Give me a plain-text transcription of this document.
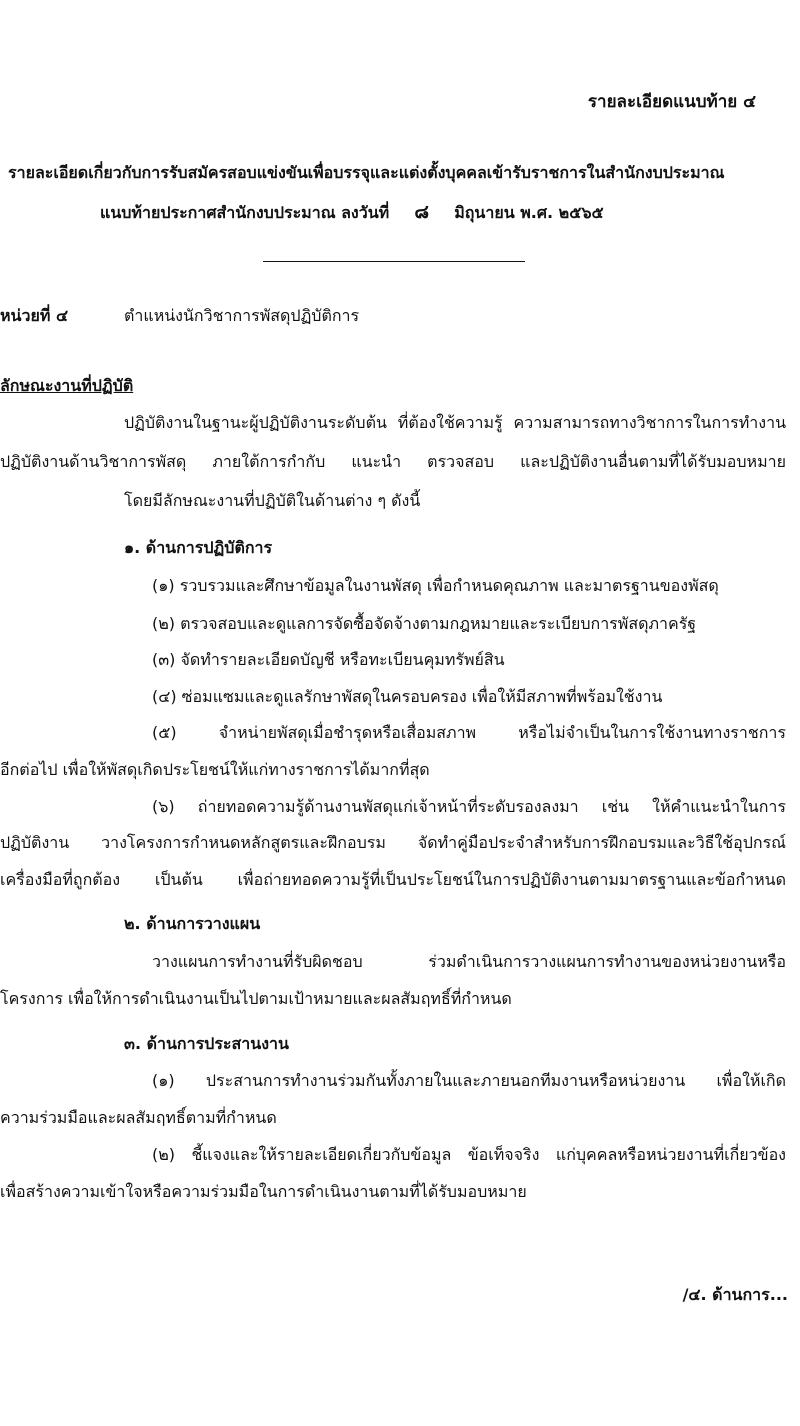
รายละเอียดแนบท้าย ๔
รายละเอียดเกี่ยวกับการรับสมัครสอบแข่งขันเพื่อบรรจุและแต่งตั้งบุคคลเข้ารับราชการในสำนักงบประมาณ
แนบท้ายประกาศสำนักงบประมาณ ลงวันที่ ๘ มิถุนายน พ.ศ. ๒๕๖๕
หน่วยที่ ๔	ตำแหน่งนักวิชาการพัสดุปฏิบัติการ
ลักษณะงานที่ปฏิบัติ
ปฏิบัติงานในฐานะผู้ปฏิบัติงานระดับต้น ที่ต้องใช้ความรู้ ความสามารถทางวิชาการในการทำงาน
ปฏิบัติงานด้านวิชาการพัสดุ ภายใต้การกำกับ แนะนำ ตรวจสอบ และปฏิบัติงานอื่นตามที่ได้รับมอบหมาย
โดยมีลักษณะงานที่ปฏิบัติในด้านต่าง ๆ ดังนี้
๑. ด้านการปฏิบัติการ
(๑) รวบรวมและศึกษาข้อมูลในงานพัสดุ เพื่อกำหนดคุณภาพ และมาตรฐานของพัสดุ
(๒) ตรวจสอบและดูแลการจัดซื้อจัดจ้างตามกฎหมายและระเบียบการพัสดุภาครัฐ
(๓) จัดทำรายละเอียดบัญชี หรือทะเบียนคุมทรัพย์สิน
(๔) ซ่อมแซมและดูแลรักษาพัสดุในครอบครอง เพื่อให้มีสภาพที่พร้อมใช้งาน
(๕) จำหน่ายพัสดุเมื่อชำรุดหรือเสื่อมสภาพ หรือไม่จำเป็นในการใช้งานทางราชการ
อีกต่อไป เพื่อให้พัสดุเกิดประโยชน์ให้แก่ทางราชการได้มากที่สุด
(๖) ถ่ายทอดความรู้ด้านงานพัสดุแก่เจ้าหน้าที่ระดับรองลงมา เช่น ให้คำแนะนำในการ
ปฏิบัติงาน วางโครงการกำหนดหลักสูตรและฝึกอบรม จัดทำคู่มือประจำสำหรับการฝึกอบรมและวิธีใช้อุปกรณ์
เครื่องมือที่ถูกต้อง เป็นต้น เพื่อถ่ายทอดความรู้ที่เป็นประโยชน์ในการปฏิบัติงานตามมาตรฐานและข้อกำหนด
๒. ด้านการวางแผน
วางแผนการทำงานที่รับผิดชอบ ร่วมดำเนินการวางแผนการทำงานของหน่วยงานหรือ
โครงการ เพื่อให้การดำเนินงานเป็นไปตามเป้าหมายและผลสัมฤทธิ์ที่กำหนด
๓. ด้านการประสานงาน
(๑) ประสานการทำงานร่วมกันทั้งภายในและภายนอกทีมงานหรือหน่วยงาน เพื่อให้เกิด
ความร่วมมือและผลสัมฤทธิ์ตามที่กำหนด
(๒) ชี้แจงและให้รายละเอียดเกี่ยวกับข้อมูล ข้อเท็จจริง แก่บุคคลหรือหน่วยงานที่เกี่ยวข้อง
เพื่อสร้างความเข้าใจหรือความร่วมมือในการดำเนินงานตามที่ได้รับมอบหมาย
/๔. ด้านการ...
